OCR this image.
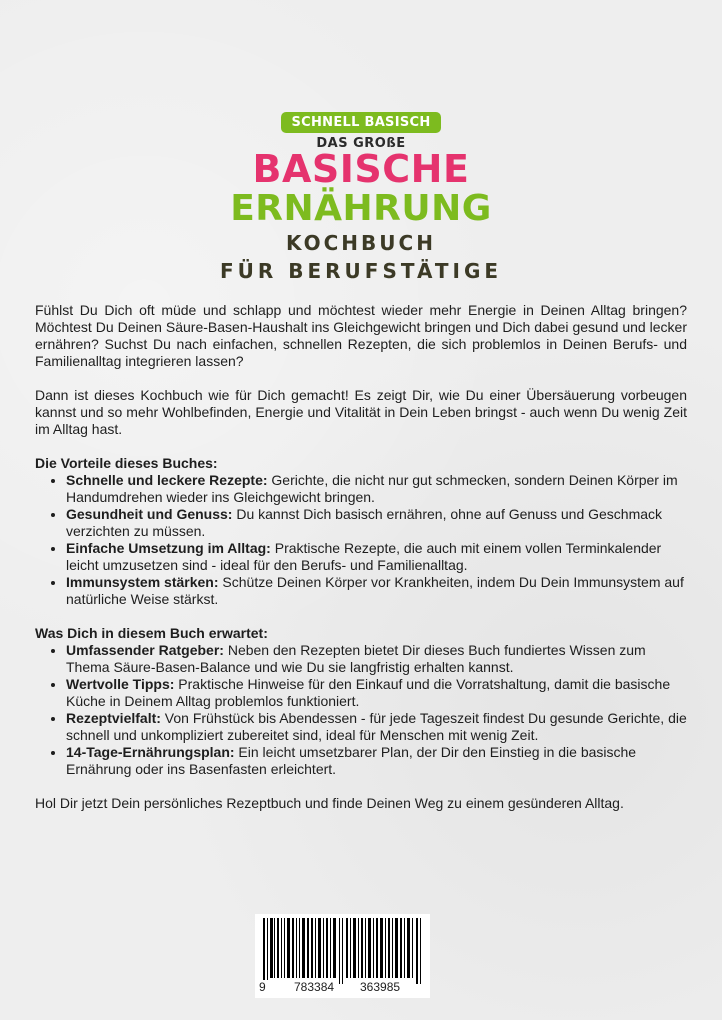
SCHNELL BASISCH
DAS GROßE
BASISCHE
ERNÄHRUNG
KOCHBUCH
FÜR BERUFSTÄTIGE

Fühlst Du Dich oft müde und schlapp und möchtest wieder mehr Energie in Deinen Alltag bringen? Möchtest Du Deinen Säure-Basen-Haushalt ins Gleichgewicht bringen und Dich dabei gesund und lecker ernähren? Suchst Du nach einfachen, schnellen Rezepten, die sich problemlos in Deinen Berufs- und Familienalltag integrieren lassen?

Dann ist dieses Kochbuch wie für Dich gemacht! Es zeigt Dir, wie Du einer Übersäuerung vorbeugen kannst und so mehr Wohlbefinden, Energie und Vitalität in Dein Leben bringst - auch wenn Du wenig Zeit im Alltag hast.

Die Vorteile dieses Buches:

• Schnelle und leckere Rezepte: Gerichte, die nicht nur gut schmecken, sondern Deinen Körper im Handumdrehen wieder ins Gleichgewicht bringen.
• Gesundheit und Genuss: Du kannst Dich basisch ernähren, ohne auf Genuss und Geschmack verzichten zu müssen.
• Einfache Umsetzung im Alltag: Praktische Rezepte, die auch mit einem vollen Terminkalender leicht umzusetzen sind - ideal für den Berufs- und Familienalltag.
• Immunsystem stärken: Schütze Deinen Körper vor Krankheiten, indem Du Dein Immunsystem auf natürliche Weise stärkst.

Was Dich in diesem Buch erwartet:

• Umfassender Ratgeber: Neben den Rezepten bietet Dir dieses Buch fundiertes Wissen zum Thema Säure-Basen-Balance und wie Du sie langfristig erhalten kannst.
• Wertvolle Tipps: Praktische Hinweise für den Einkauf und die Vorratshaltung, damit die basische Küche in Deinem Alltag problemlos funktioniert.
• Rezeptvielfalt: Von Frühstück bis Abendessen - für jede Tageszeit findest Du gesunde Gerichte, die schnell und unkompliziert zubereitet sind, ideal für Menschen mit wenig Zeit.
• 14-Tage-Ernährungsplan: Ein leicht umsetzbarer Plan, der Dir den Einstieg in die basische Ernährung oder ins Basenfasten erleichtert.

Hol Dir jetzt Dein persönliches Rezeptbuch und finde Deinen Weg zu einem gesünderen Alltag.

9 783384 363985
